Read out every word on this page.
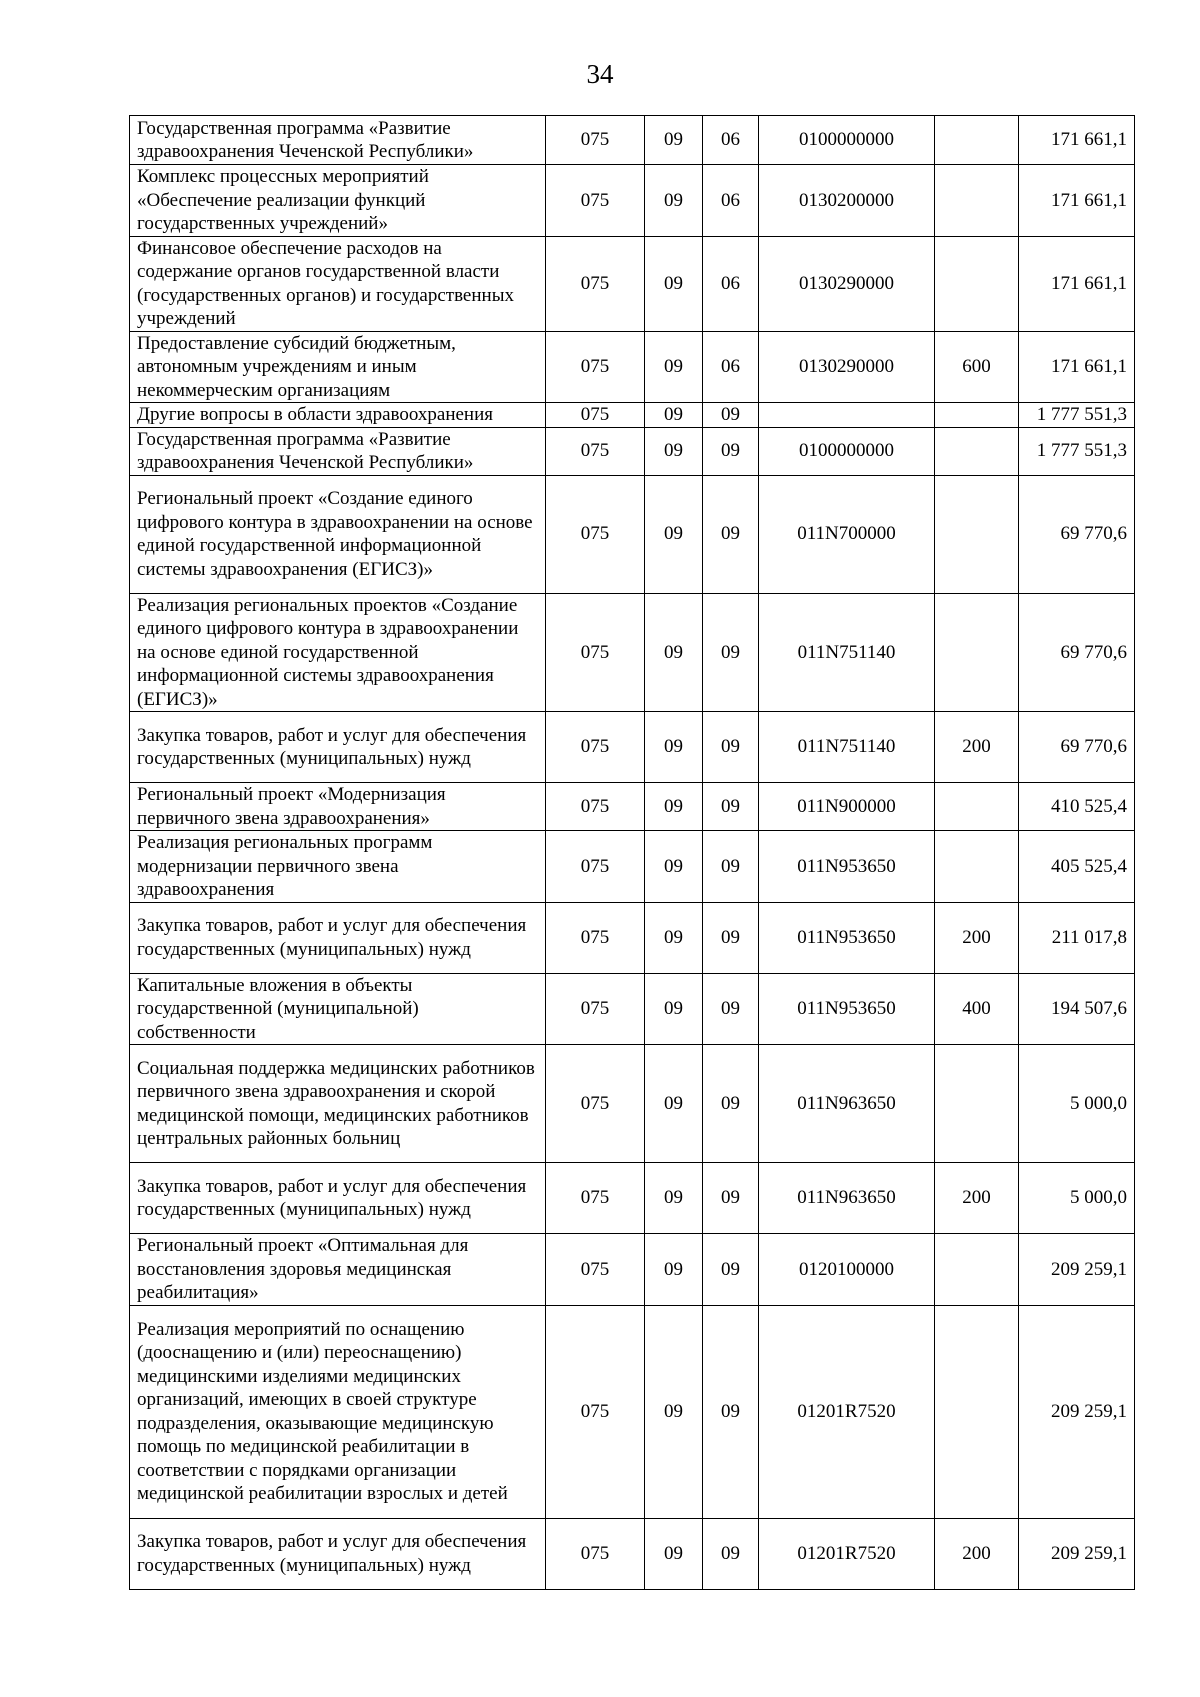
34
Государственная программа «Развитие здравоохранения Чеченской Республики»	075	09	06	0100000000		171 661,1
Комплекс процессных мероприятий «Обеспечение реализации функций государственных учреждений»	075	09	06	0130200000		171 661,1
Финансовое обеспечение расходов на содержание органов государственной власти (государственных органов) и государственных учреждений	075	09	06	0130290000		171 661,1
Предоставление субсидий бюджетным, автономным учреждениям и иным некоммерческим организациям	075	09	06	0130290000	600	171 661,1
Другие вопросы в области здравоохранения	075	09	09			1 777 551,3
Государственная программа «Развитие здравоохранения Чеченской Республики»	075	09	09	0100000000		1 777 551,3
Региональный проект «Создание единого цифрового контура в здравоохранении на основе единой государственной информационной системы здравоохранения (ЕГИСЗ)»	075	09	09	011N700000		69 770,6
Реализация региональных проектов «Создание единого цифрового контура в здравоохранении на основе единой государственной информационной системы здравоохранения (ЕГИСЗ)»	075	09	09	011N751140		69 770,6
Закупка товаров, работ и услуг для обеспечения государственных (муниципальных) нужд	075	09	09	011N751140	200	69 770,6
Региональный проект «Модернизация первичного звена здравоохранения»	075	09	09	011N900000		410 525,4
Реализация региональных программ модернизации первичного звена здравоохранения	075	09	09	011N953650		405 525,4
Закупка товаров, работ и услуг для обеспечения государственных (муниципальных) нужд	075	09	09	011N953650	200	211 017,8
Капитальные вложения в объекты государственной (муниципальной) собственности	075	09	09	011N953650	400	194 507,6
Социальная поддержка медицинских работников первичного звена здравоохранения и скорой медицинской помощи, медицинских работников центральных районных больниц	075	09	09	011N963650		5 000,0
Закупка товаров, работ и услуг для обеспечения государственных (муниципальных) нужд	075	09	09	011N963650	200	5 000,0
Региональный проект «Оптимальная для восстановления здоровья медицинская реабилитация»	075	09	09	0120100000		209 259,1
Реализация мероприятий по оснащению (дооснащению и (или) переоснащению) медицинскими изделиями медицинских организаций, имеющих в своей структуре подразделения, оказывающие медицинскую помощь по медицинской реабилитации в соответствии с порядками организации медицинской реабилитации взрослых и детей	075	09	09	01201R7520		209 259,1
Закупка товаров, работ и услуг для обеспечения государственных (муниципальных) нужд	075	09	09	01201R7520	200	209 259,1
